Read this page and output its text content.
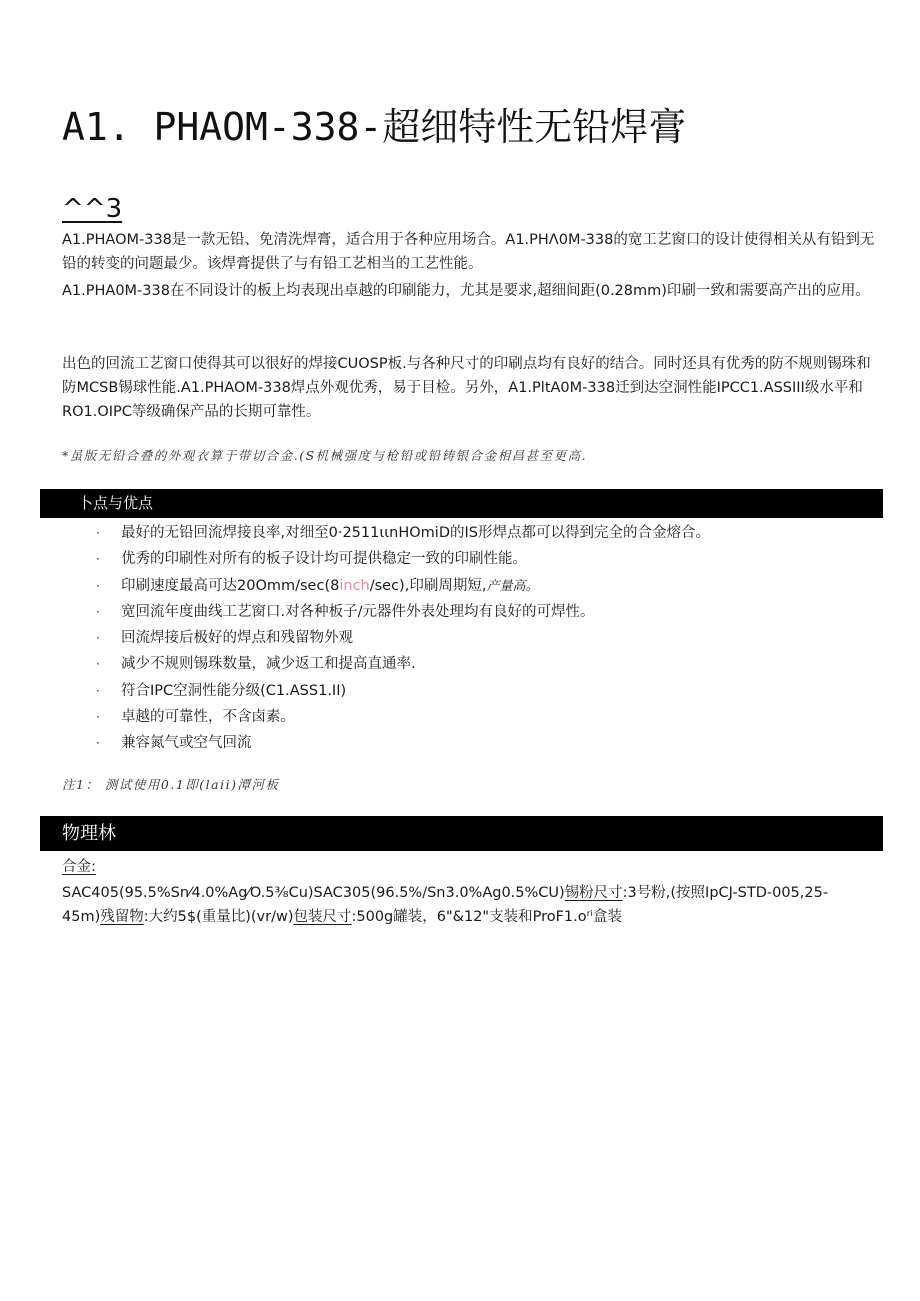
A1. PHAOM-338-超细特性无铅焊膏
^^3

A1.PHAOM-338是一款无铅、免清洗焊膏，适合用于各种应用场合。A1.PHΛ0M-338的宽工艺窗口的设计使得相关从有铅到无铅的转变的问题最少。该焊膏提供了与有铅工艺相当的工艺性能。

A1.PHA0M-338在不同设计的板上均表现出卓越的印刷能力，尤其是要求,超细间距(0.28mm)印刷一致和需要高产出的应用。

出色的回流工艺窗口使得其可以很好的焊接CUOSP板.与各种尺寸的印刷点均有良好的结合。同时还具有优秀的防不规则锡珠和防MCSB锡球性能.A1.PHAOM-338焊点外观优秀，易于目检。另外，A1.PltA0M-338迁到达空洞性能IPCC1.ASSIII级水平和RO1.OIPC等级确保产品的长期可靠性。

*虽版无铅合叠的外观衣算于带切合金.(S机械强度与枪铅或铅铸银合金相昌甚至更高.
卜点与优点
·	最好的无铅回流焊接良率,对细至0·2511ιιnHOmiD的IS形焊点都可以得到完全的合金熔合。
·	优秀的印刷性对所有的板子设计均可提供稳定一致的印刷性能。
·	印刷速度最高可达20Omm/sec(8inch/sec),印刷周期短,产量高。
·	宽回流年度曲线工艺窗口.对各种板子/元器件外表处理均有良好的可焊性。
·	回流焊接后极好的焊点和残留物外观
·	减少不规则锡珠数量，减少返工和提高直通率.
·	符合IPC空洞性能分级(C1.ASS1.II)
·	卓越的可靠性，不含卤素。
·	兼容氮气或空气回流
注1： 测试使用0.1即(laii)潭河板
物理林
合金:

SAC405(95.5%Sn⁄4.0%Ag⁄O.5⅜Cu)SAC305(96.5%/Sn3.0%Ag0.5%CU)锡粉尺寸:3号粉,(按照IpCJ-STD-005,25-45m)残留物:大约5$(重量比)(vr/w)包装尺寸:500g罐装，6"&12"支装和ProF1.oʳⁱ盒装
